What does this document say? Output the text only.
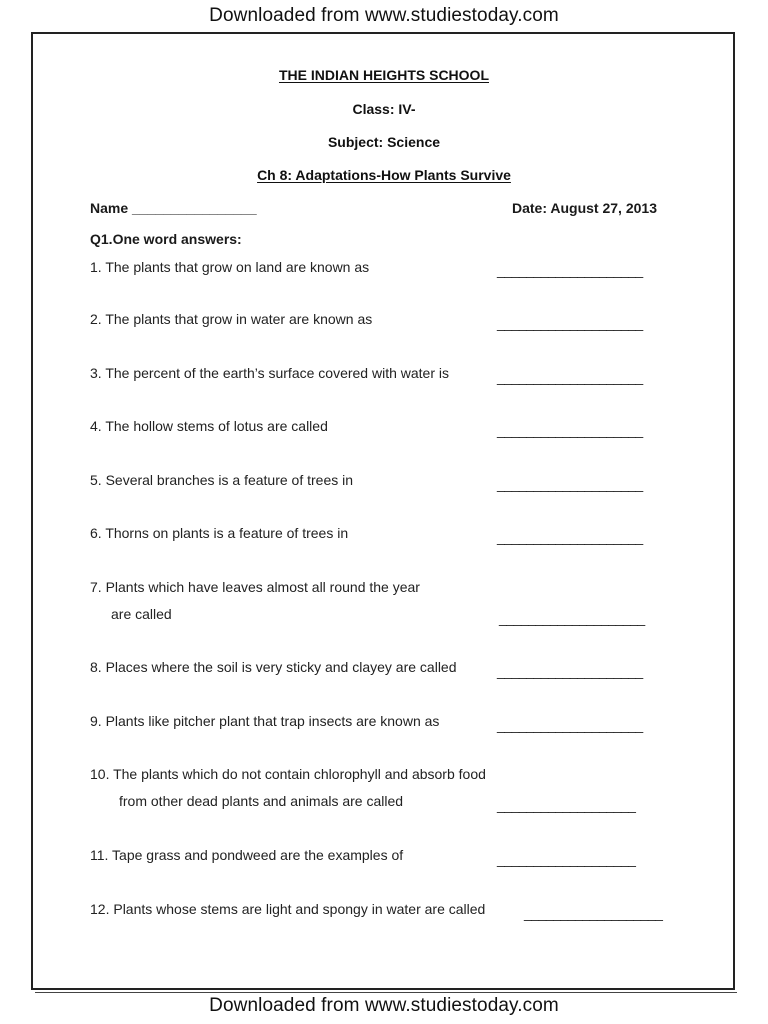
Downloaded from www.studiestoday.com
THE INDIAN HEIGHTS SCHOOL
Class: IV-
Subject: Science
Ch 8: Adaptations-How Plants Survive
Name ________________	Date: August 27, 2013
Q1.One word answers:
1. The plants that grow on land are known as	____________________
2. The plants that grow in water are known as	____________________
3. The percent of the earth’s surface covered with water is	____________________
4. The hollow stems of lotus are called	____________________
5. Several branches is a feature of trees in	____________________
6. Thorns on plants is a feature of trees in	____________________
7. Plants which have leaves almost all round the year
are called	____________________
8. Places where the soil is very sticky and clayey are called	____________________
9. Plants like pitcher plant that trap insects are known as	____________________
10. The plants which do not contain chlorophyll and absorb food
from other dead plants and animals are called	___________________
11. Tape grass and pondweed are the examples of	___________________
12. Plants whose stems are light and spongy in water are called	___________________
Downloaded from www.studiestoday.com
